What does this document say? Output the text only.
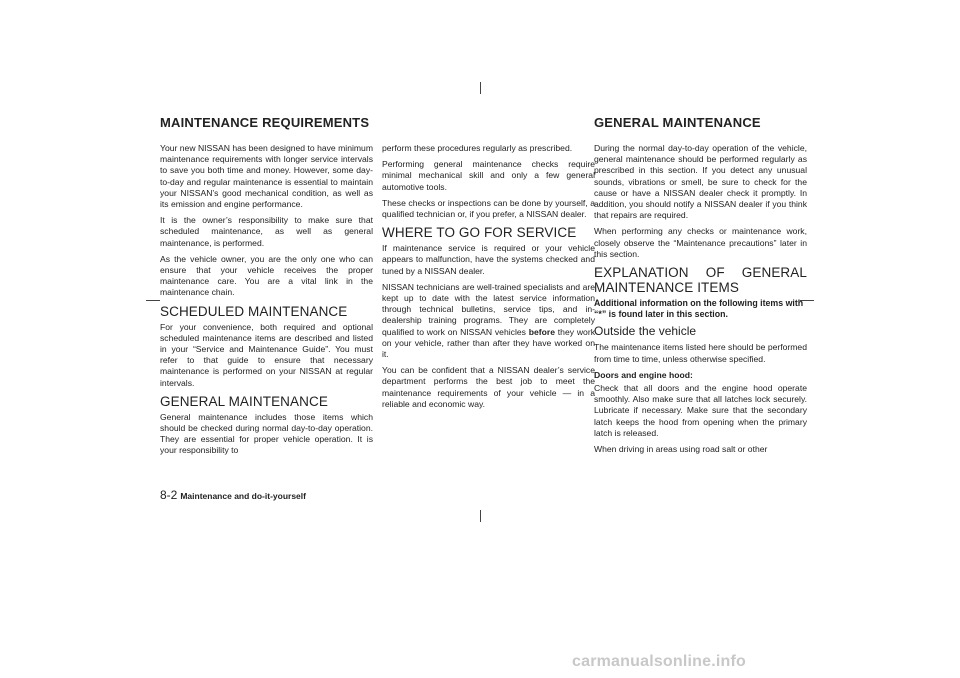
MAINTENANCE REQUIREMENTS	GENERAL MAINTENANCE

Your new NISSAN has been designed to have minimum maintenance requirements with longer service intervals to save you both time and money. However, some day-to-day and regular maintenance is essential to maintain your NISSAN’s good mechanical condition, as well as its emission and engine performance.

It is the owner’s responsibility to make sure that scheduled maintenance, as well as general maintenance, is performed.

As the vehicle owner, you are the only one who can ensure that your vehicle receives the proper maintenance care. You are a vital link in the maintenance chain.

SCHEDULED MAINTENANCE

For your convenience, both required and optional scheduled maintenance items are described and listed in your “Service and Maintenance Guide”. You must refer to that guide to ensure that necessary maintenance is performed on your NISSAN at regular intervals.

GENERAL MAINTENANCE

General maintenance includes those items which should be checked during normal day-to-day operation. They are essential for proper vehicle operation. It is your responsibility to

perform these procedures regularly as prescribed.

Performing general maintenance checks require minimal mechanical skill and only a few general automotive tools.

These checks or inspections can be done by yourself, a qualified technician or, if you prefer, a NISSAN dealer.

WHERE TO GO FOR SERVICE

If maintenance service is required or your vehicle appears to malfunction, have the systems checked and tuned by a NISSAN dealer.

NISSAN technicians are well-trained specialists and are kept up to date with the latest service information through technical bulletins, service tips, and in-dealership training programs. They are completely qualified to work on NISSAN vehicles before they work on your vehicle, rather than after they have worked on it.

You can be confident that a NISSAN dealer’s service department performs the best job to meet the maintenance requirements of your vehicle — in a reliable and economic way.

During the normal day-to-day operation of the vehicle, general maintenance should be performed regularly as prescribed in this section. If you detect any unusual sounds, vibrations or smell, be sure to check for the cause or have a NISSAN dealer check it promptly. In addition, you should notify a NISSAN dealer if you think that repairs are required.

When performing any checks or maintenance work, closely observe the “Maintenance precautions” later in this section.

EXPLANATION OF GENERAL MAINTENANCE ITEMS
Additional information on the following items with “*” is found later in this section.
Outside the vehicle

The maintenance items listed here should be performed from time to time, unless otherwise specified.

Doors and engine hood:

Check that all doors and the engine hood operate smoothly. Also make sure that all latches lock securely. Lubricate if necessary. Make sure that the secondary latch keeps the hood from opening when the primary latch is released.

When driving in areas using road salt or other

8-2 Maintenance and do-it-yourself
carmanualsonline.info
